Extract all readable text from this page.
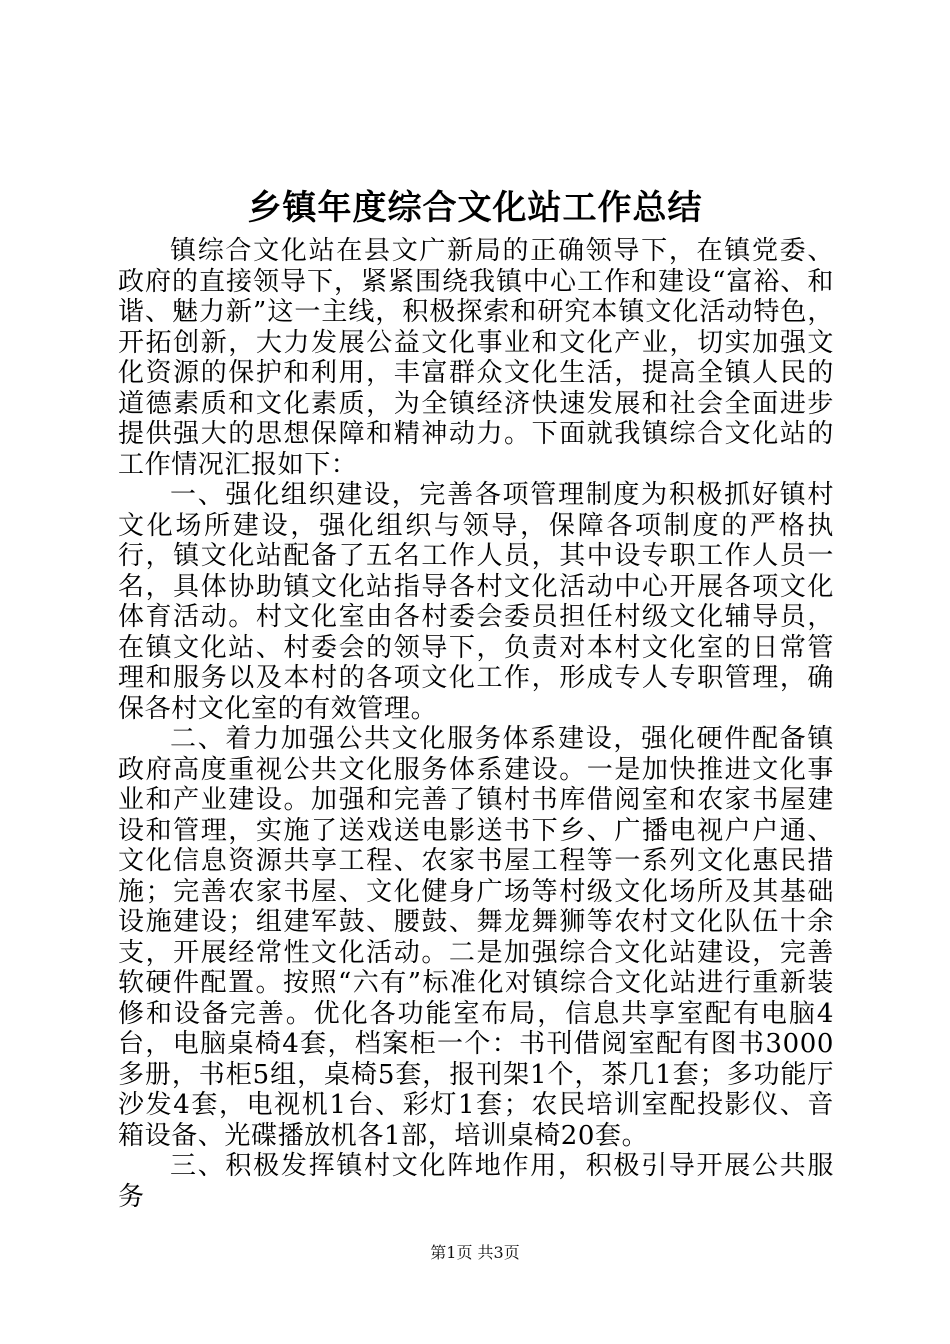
乡镇年度综合文化站工作总结

镇综合文化站在县文广新局的正确领导下，在镇党委、政府的直接领导下，紧紧围绕我镇中心工作和建设“富裕、和谐、魅力新”这一主线，积极探索和研究本镇文化活动特色，开拓创新，大力发展公益文化事业和文化产业，切实加强文化资源的保护和利用，丰富群众文化生活，提高全镇人民的道德素质和文化素质，为全镇经济快速发展和社会全面进步提供强大的思想保障和精神动力。下面就我镇综合文化站的工作情况汇报如下：

一、强化组织建设，完善各项管理制度为积极抓好镇村文化场所建设，强化组织与领导，保障各项制度的严格执行，镇文化站配备了五名工作人员，其中设专职工作人员一名，具体协助镇文化站指导各村文化活动中心开展各项文化体育活动。村文化室由各村委会委员担任村级文化辅导员，在镇文化站、村委会的领导下，负责对本村文化室的日常管理和服务以及本村的各项文化工作，形成专人专职管理，确保各村文化室的有效管理。

二、着力加强公共文化服务体系建设，强化硬件配备镇政府高度重视公共文化服务体系建设。一是加快推进文化事业和产业建设。加强和完善了镇村书库借阅室和农家书屋建设和管理，实施了送戏送电影送书下乡、广播电视户户通、文化信息资源共享工程、农家书屋工程等一系列文化惠民措施；完善农家书屋、文化健身广场等村级文化场所及其基础设施建设；组建军鼓、腰鼓、舞龙舞狮等农村文化队伍十余支，开展经常性文化活动。二是加强综合文化站建设，完善软硬件配置。按照“六有”标准化对镇综合文化站进行重新装修和设备完善。优化各功能室布局，信息共享室配有电脑4台，电脑桌椅4套，档案柜一个：书刊借阅室配有图书3000多册，书柜5组，桌椅5套，报刊架1个，茶几1套；多功能厅沙发4套，电视机1台、彩灯1套；农民培训室配投影仪、音箱设备、光碟播放机各1部，培训桌椅20套。

三、积极发挥镇村文化阵地作用，积极引导开展公共服务

第1页 共3页
